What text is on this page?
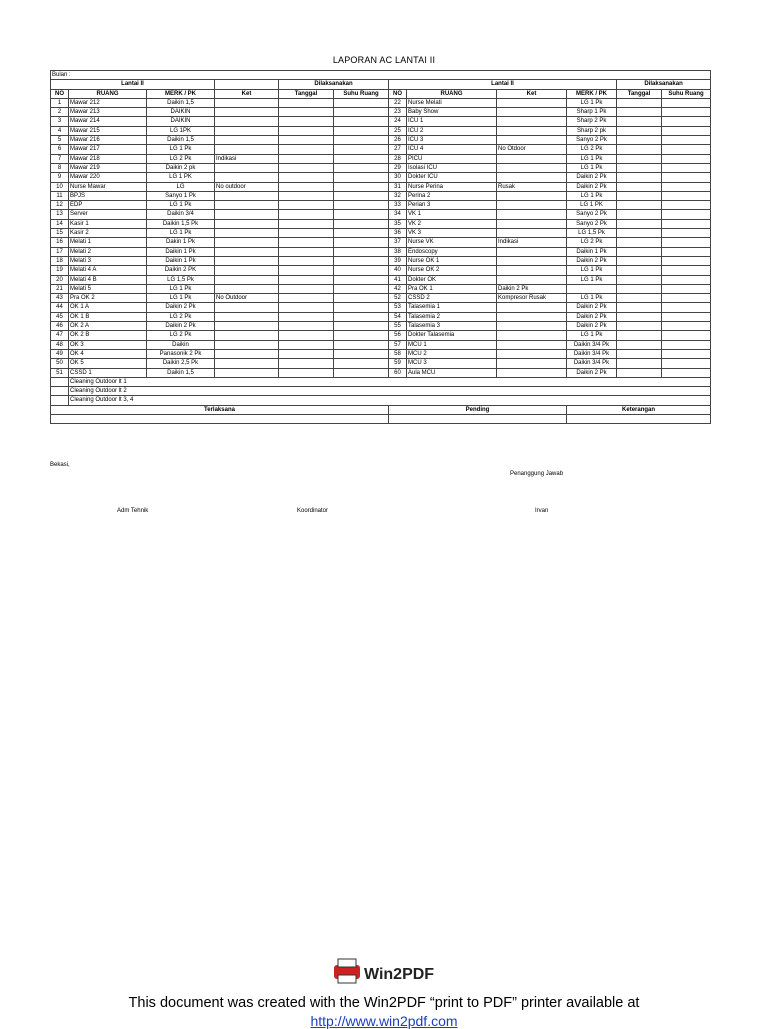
LAPORAN AC LANTAI II
Bulan :											
Lantai II				Dilaksanakan		Lantai II				Dilaksanakan	
NO	RUANG	MERK / PK	Ket	Tanggal	Suhu Ruang	NO	RUANG	Ket	MERK / PK	Tanggal	Suhu Ruang
1	Mawar 212	Daikin 1,5				22	Nurse Melati		LG 1 Pk		
2	Mawar 213	DAIKIN				23	Baby Show		Sharp 1 Pk		
3	Mawar 214	DAIKIN				24	ICU 1		Sharp 2 Pk		
4	Mawar 215	LG 1PK				25	ICU 2		Sharp 2 pk		
5	Mawar 216	Daikin 1,5				26	ICU 3		Sanyo 2 Pk		
6	Mawar 217	LG 1 Pk				27	ICU 4	No Otdoor	LG 2 Pk		
7	Mawar 218	LG 2 Pk	Indikasi			28	PICU		LG 1 Pk		
8	Mawar 219	Daikin 2 pk				29	Isolasi ICU		LG 1 Pk		
9	Mawar 220	LG 1 PK				30	Dokter ICU		Daikin 2 Pk		
10	Nurse Mawar	LG	No outdoor			31	Nurse Perina	Rusak	Daikin 2 Pk		
11	BPJS	Sanyo 1 Pk				32	Perina 2		LG 1 Pk		
12	EDP	LG 1 Pk				33	Perian 3		LG 1 PK		
13	Server	Daikin 3/4				34	VK 1		Sanyo 2 Pk		
14	Kasir 1	Daikin 1,5 Pk				35	VK 2		Sanyo 2 Pk		
15	Kasir 2	LG 1 Pk				36	VK 3		LG 1,5 Pk		
16	Melati 1	Dakin 1 Pk				37	Nurse VK	Indikasi	LG 2 Pk		
17	Melati 2	Daikin 1 Pk				38	Endoscopy		Daikin 1 Pk		
18	Melati 3	Daikin 1 Pk				39	Nurse OK 1		Daikin 2 Pk		
19	Melati 4 A	Daikin 2 PK				40	Nurse OK 2		LG 1 Pk		
20	Melati 4 B	LG 1,5 Pk				41	Dokter OK		LG 1 Pk		
21	Melati 5	LG 1 Pk				42	Pra OK 1	Daikin 2 Pk			
43	Pra OK 2	LG 1 Pk	No Outdoor			52	CSSD 2	Kompresor Rusak	LG 1 Pk		
44	OK 1 A	Daikin 2 Pk				53	Talasemia 1		Daikin 2 Pk		
45	OK 1 B	LG 2 Pk				54	Talasemia 2		Daikin 2 Pk		
46	OK 2 A	Daikin 2 Pk				55	Talasemia 3		Daikin 2 Pk		
47	OK 2 B	LG 2 Pk				56	Dokter Talasemia		LG 1 Pk		
48	OK 3	Daikin				57	MCU 1		Daikin 3/4 Pk		
49	OK 4	Panasonik 2 Pk				58	MCU 2		Daikin 3/4 Pk		
50	OK 5	Daikin 2,5 Pk				59	MCU 3		Daikin 3/4 Pk		
51	CSSD 1	Daikin 1,5				60	Aula MCU		Daikin 2 Pk		
	Cleaning Outdoor lt 1										
	Cleaning Outdoor lt 2										
	Cleaning Outdoor lt 3, 4										
Terlaksana						Pending			Keterangan		

Bekasi,
Penanggung Jawab
Adm Tehnik	Koordinator	Irvan
Win2PDF
This document was created with the Win2PDF “print to PDF” printer available at
http://www.win2pdf.com
